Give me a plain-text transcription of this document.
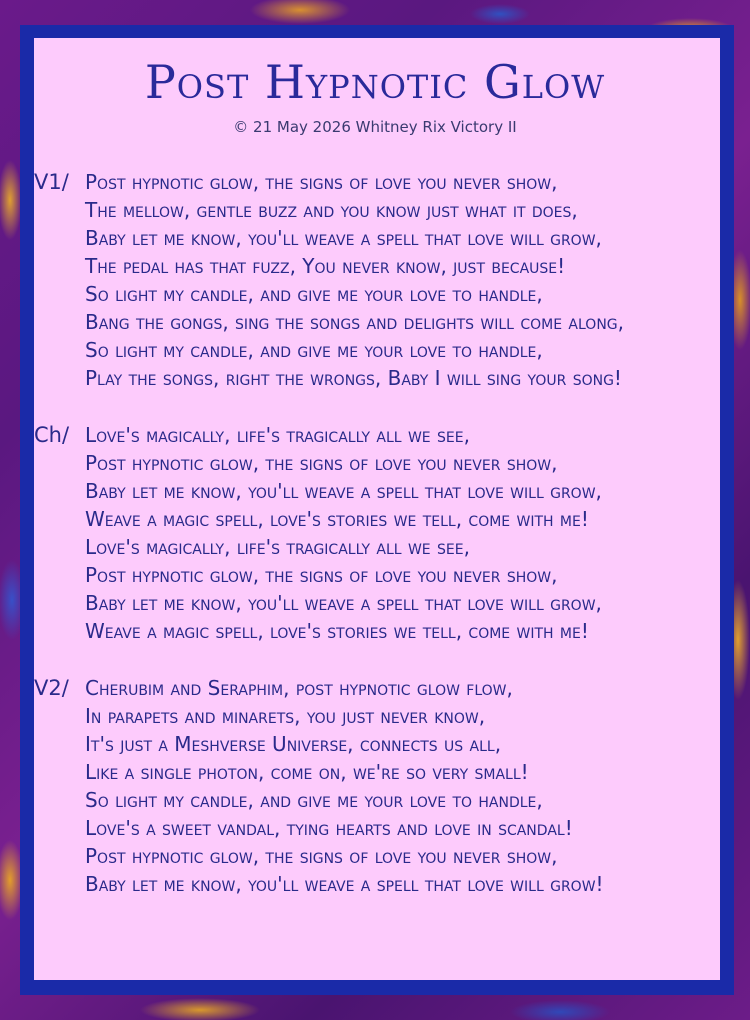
Post Hypnotic Glow
© 21 May 2026 Whitney Rix Victory II
V1/ Post hypnotic glow, the signs of love you never show,
The mellow, gentle buzz and you know just what it does,
Baby let me know, you'll weave a spell that love will grow,
The pedal has that fuzz, You never know, just because!
So light my candle, and give me your love to handle,
Bang the gongs, sing the songs and delights will come along,
So light my candle, and give me your love to handle,
Play the songs, right the wrongs, Baby I will sing your song!
Ch/ Love's magically, life's tragically all we see,
Post hypnotic glow, the signs of love you never show,
Baby let me know, you'll weave a spell that love will grow,
Weave a magic spell, love's stories we tell, come with me!
Love's magically, life's tragically all we see,
Post hypnotic glow, the signs of love you never show,
Baby let me know, you'll weave a spell that love will grow,
Weave a magic spell, love's stories we tell, come with me!
V2/ Cherubim and Seraphim, post hypnotic glow flow,
In parapets and minarets, you just never know,
It's just a Meshverse Universe, connects us all,
Like a single photon, come on, we're so very small!
So light my candle, and give me your love to handle,
Love's a sweet vandal, tying hearts and love in scandal!
Post hypnotic glow, the signs of love you never show,
Baby let me know, you'll weave a spell that love will grow!
